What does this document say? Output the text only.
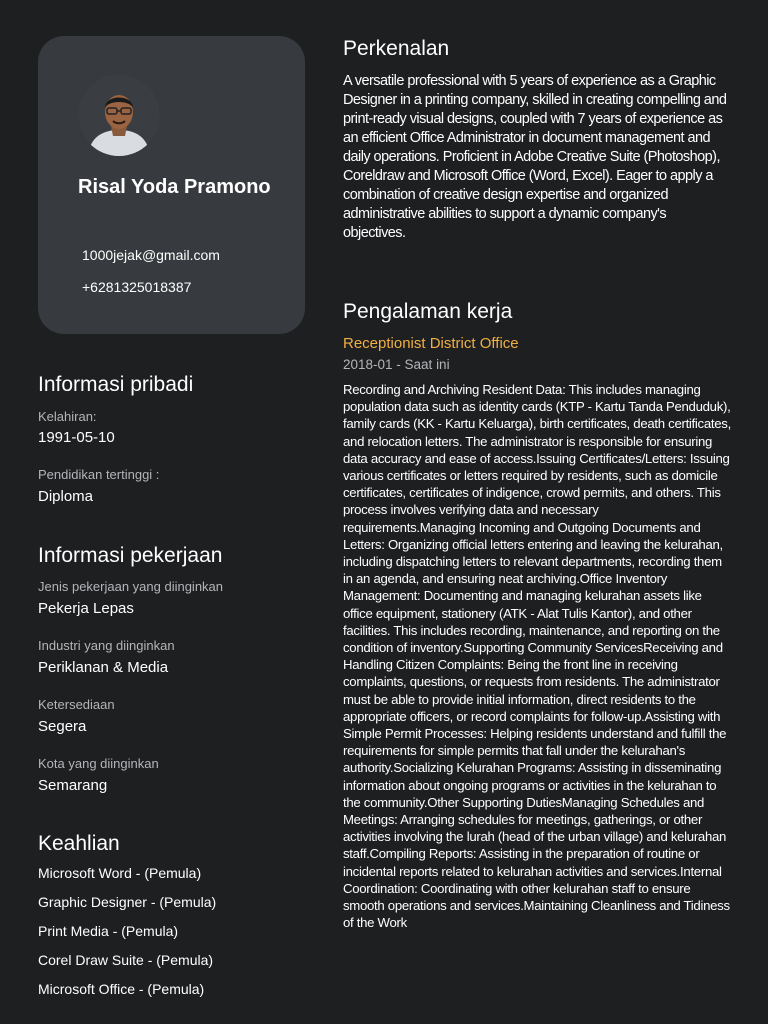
Risal Yoda Pramono
1000jejak@gmail.com
+6281325018387
Informasi pribadi
Kelahiran:
1991-05-10
Pendidikan tertinggi :
Diploma
Informasi pekerjaan
Jenis pekerjaan yang diinginkan
Pekerja Lepas
Industri yang diinginkan
Periklanan & Media
Ketersediaan
Segera
Kota yang diinginkan
Semarang
Keahlian
Microsoft Word - (Pemula)
Graphic Designer - (Pemula)
Print Media - (Pemula)
Corel Draw Suite - (Pemula)
Microsoft Office - (Pemula)
Perkenalan

A versatile professional with 5 years of experience as a Graphic Designer in a printing company, skilled in creating compelling and print-ready visual designs, coupled with 7 years of experience as an efficient Office Administrator in document management and daily operations. Proficient in Adobe Creative Suite (Photoshop), Coreldraw and Microsoft Office (Word, Excel). Eager to apply a combination of creative design expertise and organized administrative abilities to support a dynamic company's objectives.

Pengalaman kerja
Receptionist District Office
2018-01 - Saat ini

Recording and Archiving Resident Data: This includes managing population data such as identity cards (KTP - Kartu Tanda Penduduk), family cards (KK - Kartu Keluarga), birth certificates, death certificates, and relocation letters. The administrator is responsible for ensuring data accuracy and ease of access.Issuing Certificates/Letters: Issuing various certificates or letters required by residents, such as domicile certificates, certificates of indigence, crowd permits, and others. This process involves verifying data and necessary requirements.Managing Incoming and Outgoing Documents and Letters: Organizing official letters entering and leaving the kelurahan, including dispatching letters to relevant departments, recording them in an agenda, and ensuring neat archiving.Office Inventory Management: Documenting and managing kelurahan assets like office equipment, stationery (ATK - Alat Tulis Kantor), and other facilities. This includes recording, maintenance, and reporting on the condition of inventory.Supporting Community ServicesReceiving and Handling Citizen Complaints: Being the front line in receiving complaints, questions, or requests from residents. The administrator must be able to provide initial information, direct residents to the appropriate officers, or record complaints for follow-up.Assisting with Simple Permit Processes: Helping residents understand and fulfill the requirements for simple permits that fall under the kelurahan's authority.Socializing Kelurahan Programs: Assisting in disseminating information about ongoing programs or activities in the kelurahan to the community.Other Supporting DutiesManaging Schedules and Meetings: Arranging schedules for meetings, gatherings, or other activities involving the lurah (head of the urban village) and kelurahan staff.Compiling Reports: Assisting in the preparation of routine or incidental reports related to kelurahan activities and services.Internal Coordination: Coordinating with other kelurahan staff to ensure smooth operations and services.Maintaining Cleanliness and Tidiness of the Work
